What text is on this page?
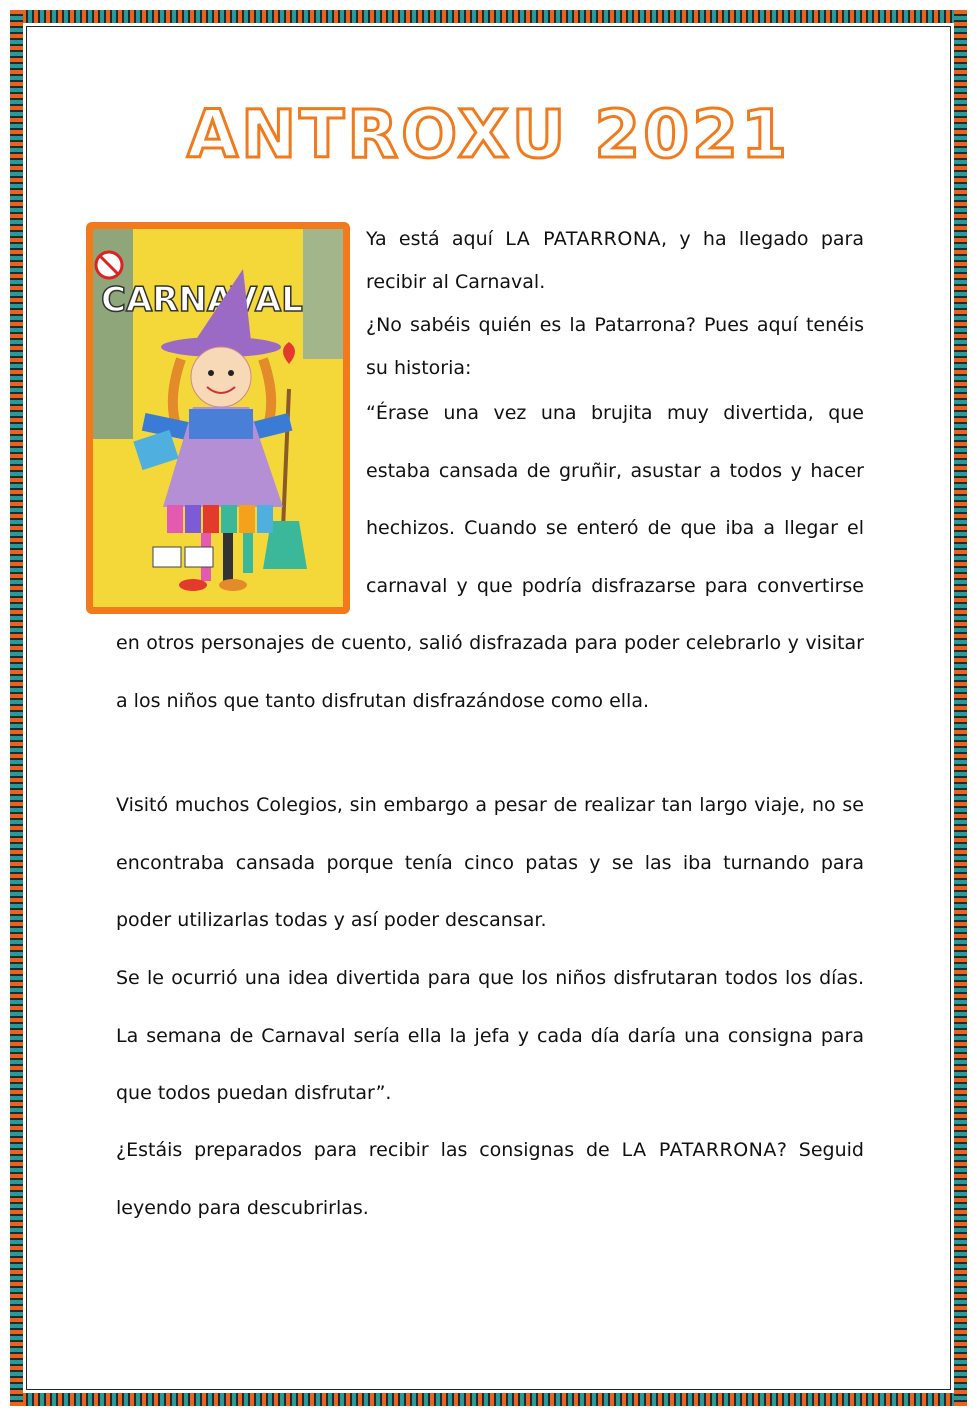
ANTROXU 2021
CARNAVAL

Ya está aquí LA PATARRONA, y ha llegado para recibir al Carnaval.

¿No sabéis quién es la Patarrona? Pues aquí tenéis su historia:

“Érase una vez una brujita muy divertida, que estaba cansada de gruñir, asustar a todos y hacer hechizos. Cuando se enteró de que iba a llegar el carnaval y que podría disfrazarse para convertirse en otros personajes de cuento, salió disfrazada para poder celebrarlo y visitar a los niños que tanto disfrutan disfrazándose como ella.

Visitó muchos Colegios, sin embargo a pesar de realizar tan largo viaje, no se encontraba cansada porque tenía cinco patas y se las iba turnando para poder utilizarlas todas y así poder descansar.

Se le ocurrió una idea divertida para que los niños disfrutaran todos los días. La semana de Carnaval sería ella la jefa y cada día daría una consigna para que todos puedan disfrutar”.

¿Estáis preparados para recibir las consignas de LA PATARRONA? Seguid leyendo para descubrirlas.
